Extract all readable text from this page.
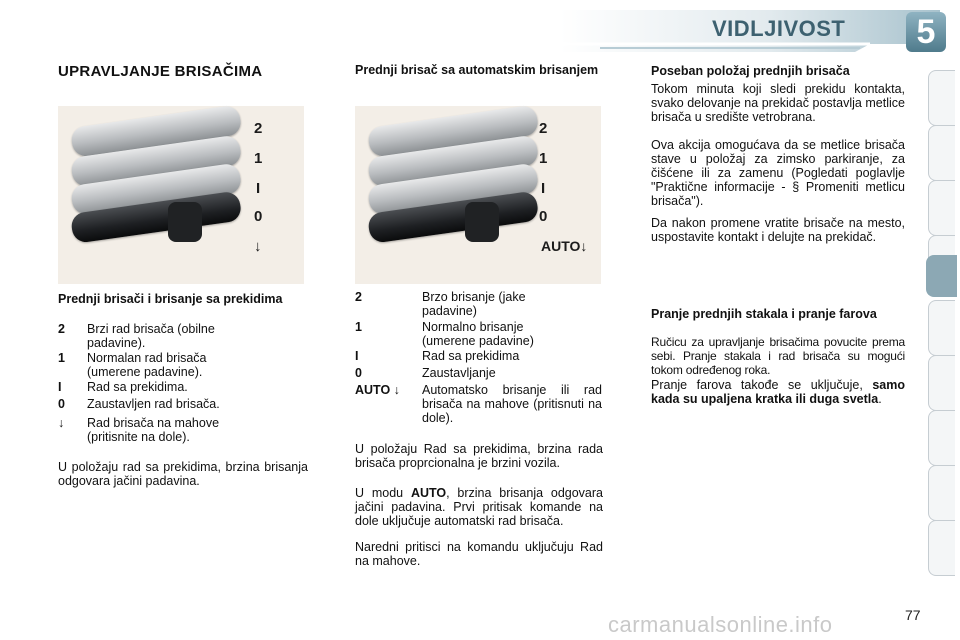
VIDLJIVOST	5
UPRAVLJANJE BRISAČIMA
2
1
I
0
↓
Prednji brisači i brisanje sa prekidima
2 Brzi rad brisača (obilne padavine).
1 Normalan rad brisača (umerene padavine).
I Rad sa prekidima.
0 Zaustavljen rad brisača.
↓ Rad brisača na mahove (pritisnite na dole).

U položaju rad sa prekidima, brzina brisanja odgovara jačini padavina.

Prednji brisač sa automatskim brisanjem
2
1
I
0
AUTO↓
2	Brzo brisanje (jake padavine)
1	Normalno brisanje (umerene padavine)
I	Rad sa prekidima
0	Zaustavljanje
AUTO ↓ Automatsko brisanje ili rad brisača na mahove (pritisnuti na dole).

U položaju Rad sa prekidima, brzina rada brisača proprcionalna je brzini vozila.

U modu AUTO, brzina brisanja odgovara jačini padavina. Prvi pritisak komande na dole uključuje automatski rad brisača.

Naredni pritisci na komandu uključuju Rad na mahove.

Poseban položaj prednjih brisača

Tokom minuta koji sledi prekidu kontakta, svako delovanje na prekidač postavlja metlice brisača u središte vetrobrana.

Ova akcija omogućava da se metlice brisača stave u položaj za zimsko parkiranje, za čišćene ili za zamenu (Pogledati poglavlje "Praktične informacije - § Promeniti metlicu brisača").

Da nakon promene vratite brisače na mesto, uspostavite kontakt i delujte na prekidač.

Pranje prednjih stakala i pranje farova

Ručicu za upravljanje brisačima povucite prema sebi. Pranje stakala i rad brisača su mogući tokom određenog roka.

Pranje farova takođe se uključuje, samo kada su upaljena kratka ili duga svetla.

carmanualsonline.info	77
